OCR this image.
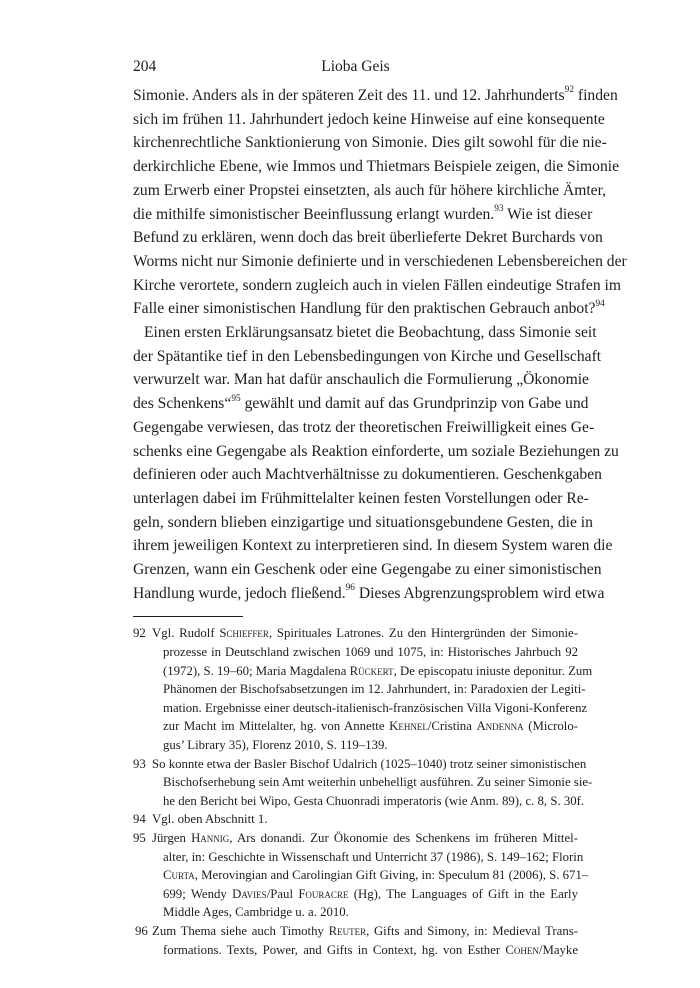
204	Lioba Geis
Simonie. Anders als in der späteren Zeit des 11. und 12. Jahrhunderts$^{92}$ finden
sich im frühen 11. Jahrhundert jedoch keine Hinweise auf eine konsequente
kirchenrechtliche Sanktionierung von Simonie. Dies gilt sowohl für die nie-
derkirchliche Ebene, wie Immos und Thietmars Beispiele zeigen, die Simonie
zum Erwerb einer Propstei einsetzten, als auch für höhere kirchliche Ämter,
die mithilfe simonistischer Beeinflussung erlangt wurden.$^{93}$ Wie ist dieser
Befund zu erklären, wenn doch das breit überlieferte Dekret Burchards von
Worms nicht nur Simonie definierte und in verschiedenen Lebensbereichen der
Kirche verortete, sondern zugleich auch in vielen Fällen eindeutige Strafen im
Falle einer simonistischen Handlung für den praktischen Gebrauch anbot?$^{94}$
Einen ersten Erklärungsansatz bietet die Beobachtung, dass Simonie seit
der Spätantike tief in den Lebensbedingungen von Kirche und Gesellschaft
verwurzelt war. Man hat dafür anschaulich die Formulierung „Ökonomie
des Schenkens“$^{95}$ gewählt und damit auf das Grundprinzip von Gabe und
Gegengabe verwiesen, das trotz der theoretischen Freiwilligkeit eines Ge-
schenks eine Gegengabe als Reaktion einforderte, um soziale Beziehungen zu
definieren oder auch Machtverhältnisse zu dokumentieren. Geschenkgaben
unterlagen dabei im Frühmittelalter keinen festen Vorstellungen oder Re-
geln, sondern blieben einzigartige und situationsgebundene Gesten, die in
ihrem jeweiligen Kontext zu interpretieren sind. In diesem System waren die
Grenzen, wann ein Geschenk oder eine Gegengabe zu einer simonistischen
Handlung wurde, jedoch fließend.$^{96}$ Dieses Abgrenzungsproblem wird etwa
92 Vgl. Rudolf Schieffer, Spirituales Latrones. Zu den Hintergründen der Simonie-
prozesse in Deutschland zwischen 1069 und 1075, in: Historisches Jahrbuch 92
(1972), S. 19–60; Maria Magdalena Rückert, De episcopatu iniuste deponitur. Zum
Phänomen der Bischofsabsetzungen im 12. Jahrhundert, in: Paradoxien der Legiti-
mation. Ergebnisse einer deutsch-italienisch-französischen Villa Vigoni-Konferenz
zur Macht im Mittelalter, hg. von Annette Kehnel/Cristina Andenna (Microlo-
gus’ Library 35), Florenz 2010, S. 119–139.
93 So konnte etwa der Basler Bischof Udalrich (1025–1040) trotz seiner simonistischen
Bischofserhebung sein Amt weiterhin unbehelligt ausführen. Zu seiner Simonie sie-
he den Bericht bei Wipo, Gesta Chuonradi imperatoris (wie Anm. 89), c. 8, S. 30f.
94 Vgl. oben Abschnitt 1.
95 Jürgen Hannig, Ars donandi. Zur Ökonomie des Schenkens im früheren Mittel-
alter, in: Geschichte in Wissenschaft und Unterricht 37 (1986), S. 149–162; Florin
Curta, Merovingian and Carolingian Gift Giving, in: Speculum 81 (2006), S. 671–
699; Wendy Davies/Paul Fouracre (Hg), The Languages of Gift in the Early
Middle Ages, Cambridge u. a. 2010.
96 Zum Thema siehe auch Timothy Reuter, Gifts and Simony, in: Medieval Trans-
formations. Texts, Power, and Gifts in Context, hg. von Esther Cohen/Mayke
